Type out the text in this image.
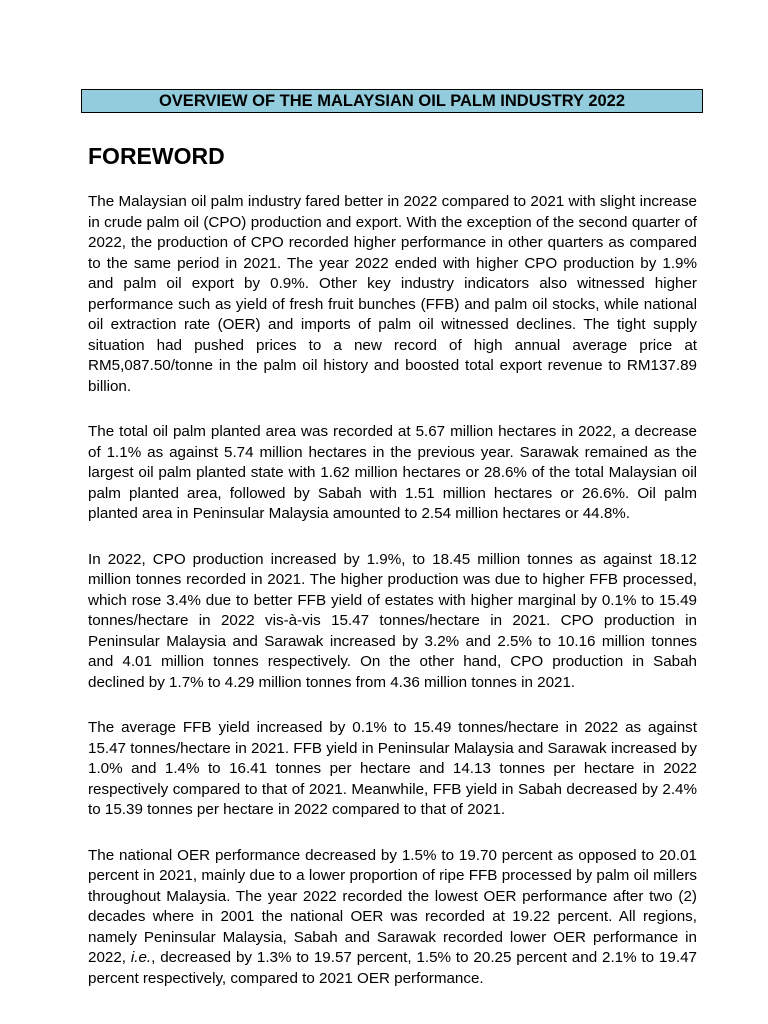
OVERVIEW OF THE MALAYSIAN OIL PALM INDUSTRY 2022
FOREWORD

The Malaysian oil palm industry fared better in 2022 compared to 2021 with slight increase in crude palm oil (CPO) production and export. With the exception of the second quarter of 2022, the production of CPO recorded higher performance in other quarters as compared to the same period in 2021. The year 2022 ended with higher CPO production by 1.9% and palm oil export by 0.9%. Other key industry indicators also witnessed higher performance such as yield of fresh fruit bunches (FFB) and palm oil stocks, while national oil extraction rate (OER) and imports of palm oil witnessed declines. The tight supply situation had pushed prices to a new record of high annual average price at RM5,087.50/tonne in the palm oil history and boosted total export revenue to RM137.89 billion.

The total oil palm planted area was recorded at 5.67 million hectares in 2022, a decrease of 1.1% as against 5.74 million hectares in the previous year. Sarawak remained as the largest oil palm planted state with 1.62 million hectares or 28.6% of the total Malaysian oil palm planted area, followed by Sabah with 1.51 million hectares or 26.6%. Oil palm planted area in Peninsular Malaysia amounted to 2.54 million hectares or 44.8%.

In 2022, CPO production increased by 1.9%, to 18.45 million tonnes as against 18.12 million tonnes recorded in 2021. The higher production was due to higher FFB processed, which rose 3.4% due to better FFB yield of estates with higher marginal by 0.1% to 15.49 tonnes/hectare in 2022 vis-à-vis 15.47 tonnes/hectare in 2021. CPO production in Peninsular Malaysia and Sarawak increased by 3.2% and 2.5% to 10.16 million tonnes and 4.01 million tonnes respectively. On the other hand, CPO production in Sabah declined by 1.7% to 4.29 million tonnes from 4.36 million tonnes in 2021.

The average FFB yield increased by 0.1% to 15.49 tonnes/hectare in 2022 as against 15.47 tonnes/hectare in 2021. FFB yield in Peninsular Malaysia and Sarawak increased by 1.0% and 1.4% to 16.41 tonnes per hectare and 14.13 tonnes per hectare in 2022 respectively compared to that of 2021. Meanwhile, FFB yield in Sabah decreased by 2.4% to 15.39 tonnes per hectare in 2022 compared to that of 2021.

The national OER performance decreased by 1.5% to 19.70 percent as opposed to 20.01 percent in 2021, mainly due to a lower proportion of ripe FFB processed by palm oil millers throughout Malaysia. The year 2022 recorded the lowest OER performance after two (2) decades where in 2001 the national OER was recorded at 19.22 percent. All regions, namely Peninsular Malaysia, Sabah and Sarawak recorded lower OER performance in 2022, i.e., decreased by 1.3% to 19.57 percent, 1.5% to 20.25 percent and 2.1% to 19.47 percent respectively, compared to 2021 OER performance.
